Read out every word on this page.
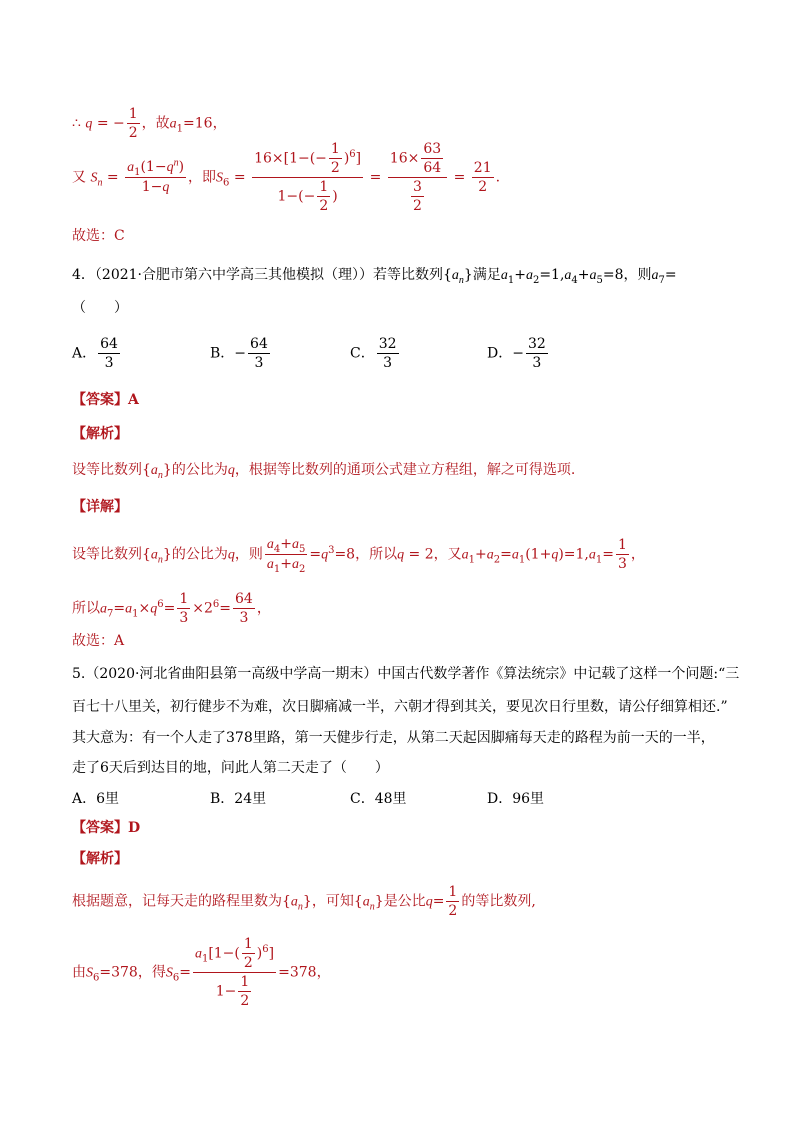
∴ q = − $\frac{1}{2}$ ，故$a_1=16$，
又 $S_n = \frac{a_1(1-q^n)}{1-q}$ ，即$S_6 = \frac{16\times[1-(- \frac{1}{2} )^6]}{1-(- \frac{1}{2} )} = \frac{16\times \frac{63}{64}}{\frac{3}{2}} = \frac{21}{2}$ .
故选：C
4．（2021·合肥市第六中学高三其他模拟（理））若等比数列$\{a_n\}$满足$a_1+a_2=1,a_4+a_5=8$，则$a_7=$
（　　）
A． $\frac{64}{3}$	B．− $\frac{64}{3}$	C． $\frac{32}{3}$	D．− $\frac{32}{3}$
【答案】A
【解析】
设等比数列$\{a_n\}$的公比为q，根据等比数列的通项公式建立方程组，解之可得选项.
【详解】
设等比数列$\{a_n\}$的公比为q，则 $\frac{a_4+a_5}{a_1+a_2} =q^3=8$，所以q = 2，又$a_1+a_2=a_1(1+q)=1,a_1= \frac{1}{3}$ ，
所以$a_7=a_1\times q^6= \frac{1}{3} \times 2^6= \frac{64}{3}$ ，
故选：A
5.（2020·河北省曲阳县第一高级中学高一期末）中国古代数学著作《算法统宗》中记载了这样一个问题:“三
百七十八里关，初行健步不为难，次日脚痛减一半，六朝才得到其关，要见次日行里数，请公仔细算相还.”
其大意为：有一个人走了378里路，第一天健步行走，从第二天起因脚痛每天走的路程为前一天的一半，
走了6天后到达目的地，问此人第二天走了（　　）
A．6里	B．24里	C．48里	D．96里
【答案】D
【解析】
根据题意，记每天走的路程里数为$\{a_n\}$，可知$\{a_n\}$是公比$q= \frac{1}{2}$ 的等比数列,
由$S_6=378$，得$S_6= \frac{a_1[1-( \frac{1}{2} )^6]}{1- \frac{1}{2}} =378$，
